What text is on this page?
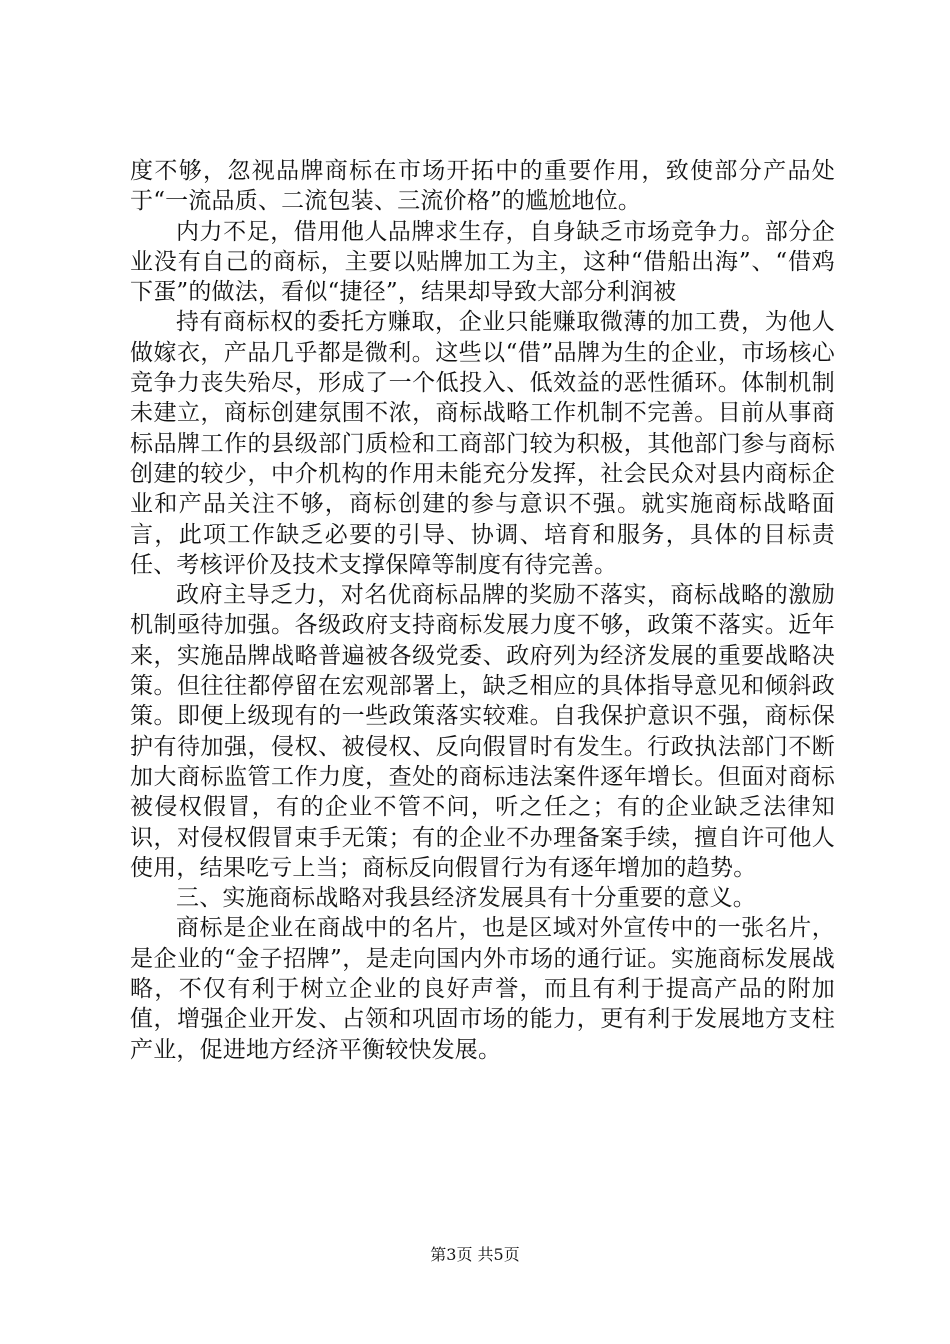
度不够，忽视品牌商标在市场开拓中的重要作用，致使部分产品处于“一流品质、二流包装、三流价格”的尴尬地位。

内力不足，借用他人品牌求生存，自身缺乏市场竞争力。部分企业没有自己的商标，主要以贴牌加工为主，这种“借船出海”、“借鸡下蛋”的做法，看似“捷径”，结果却导致大部分利润被

持有商标权的委托方赚取，企业只能赚取微薄的加工费，为他人做嫁衣，产品几乎都是微利。这些以“借”品牌为生的企业，市场核心竞争力丧失殆尽，形成了一个低投入、低效益的恶性循环。体制机制未建立，商标创建氛围不浓，商标战略工作机制不完善。目前从事商标品牌工作的县级部门质检和工商部门较为积极，其他部门参与商标创建的较少，中介机构的作用未能充分发挥，社会民众对县内商标企业和产品关注不够，商标创建的参与意识不强。就实施商标战略面言，此项工作缺乏必要的引导、协调、培育和服务，具体的目标责任、考核评价及技术支撑保障等制度有待完善。

政府主导乏力，对名优商标品牌的奖励不落实，商标战略的激励机制亟待加强。各级政府支持商标发展力度不够，政策不落实。近年来，实施品牌战略普遍被各级党委、政府列为经济发展的重要战略决策。但往往都停留在宏观部署上，缺乏相应的具体指导意见和倾斜政策。即便上级现有的一些政策落实较难。自我保护意识不强，商标保护有待加强，侵权、被侵权、反向假冒时有发生。行政执法部门不断加大商标监管工作力度，查处的商标违法案件逐年增长。但面对商标被侵权假冒，有的企业不管不问，听之任之；有的企业缺乏法律知识，对侵权假冒束手无策；有的企业不办理备案手续，擅自许可他人使用，结果吃亏上当；商标反向假冒行为有逐年增加的趋势。

三、实施商标战略对我县经济发展具有十分重要的意义。

商标是企业在商战中的名片，也是区域对外宣传中的一张名片，是企业的“金子招牌”，是走向国内外市场的通行证。实施商标发展战略，不仅有利于树立企业的良好声誉，而且有利于提高产品的附加值，增强企业开发、占领和巩固市场的能力，更有利于发展地方支柱产业，促进地方经济平衡较快发展。

第3页 共5页
